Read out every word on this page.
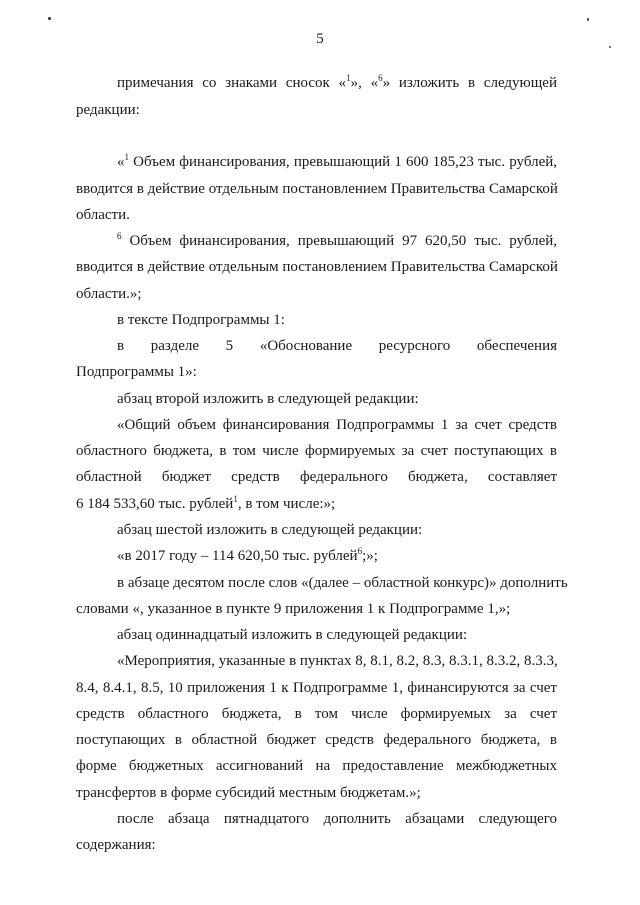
5
примечания со знаками сносок «$^1$», «$^6$» изложить в следующей
редакции:
«$^1$ Объем финансирования, превышающий 1 600 185,23 тыс. рублей,
вводится в действие отдельным постановлением Правительства Самарской
области.
$^6$ Объем финансирования, превышающий 97 620,50 тыс. рублей,
вводится в действие отдельным постановлением Правительства Самарской
области.»;
в тексте Подпрограммы 1:
в разделе 5 «Обоснование ресурсного обеспечения
Подпрограммы 1»:
абзац второй изложить в следующей редакции:
«Общий объем финансирования Подпрограммы 1 за счет средств
областного бюджета, в том числе формируемых за счет поступающих в
областной бюджет средств федерального бюджета, составляет
6 184 533,60 тыс. рублей$^1$, в том числе:»;
абзац шестой изложить в следующей редакции:
«в 2017 году – 114 620,50 тыс. рублей$^6$;»;
в абзаце десятом после слов «(далее – областной конкурс)» дополнить
словами «, указанное в пункте 9 приложения 1 к Подпрограмме 1,»;
абзац одиннадцатый изложить в следующей редакции:
«Мероприятия, указанные в пунктах 8, 8.1, 8.2, 8.3, 8.3.1, 8.3.2, 8.3.3,
8.4, 8.4.1, 8.5, 10 приложения 1 к Подпрограмме 1, финансируются за счет
средств областного бюджета, в том числе формируемых за счет
поступающих в областной бюджет средств федерального бюджета, в
форме бюджетных ассигнований на предоставление межбюджетных
трансфертов в форме субсидий местным бюджетам.»;
после абзаца пятнадцатого дополнить абзацами следующего
содержания:
